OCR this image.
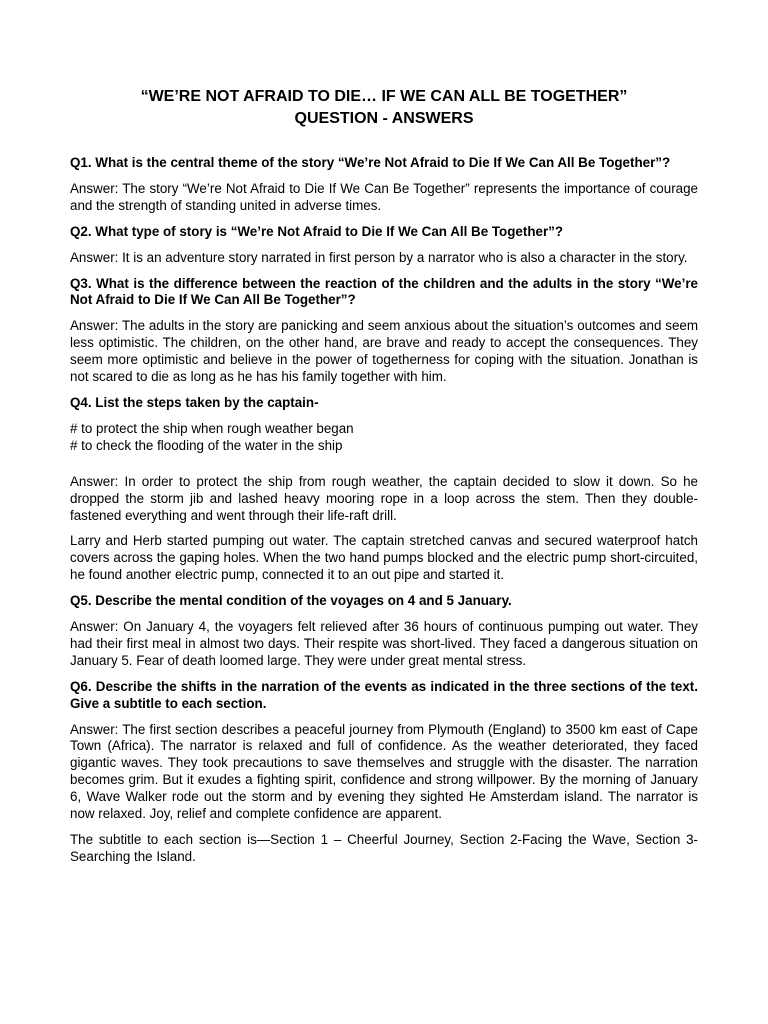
“WE’RE NOT AFRAID TO DIE… IF WE CAN ALL BE TOGETHER”
QUESTION - ANSWERS
Q1. What is the central theme of the story “We’re Not Afraid to Die If We Can All Be Together”?
Answer: The story “We’re Not Afraid to Die If We Can Be Together” represents the importance of courage and the strength of standing united in adverse times.
Q2. What type of story is “We’re Not Afraid to Die If We Can All Be Together”?
Answer: It is an adventure story narrated in first person by a narrator who is also a character in the story.
Q3. What is the difference between the reaction of the children and the adults in the story “We’re Not Afraid to Die If We Can All Be Together”?
Answer: The adults in the story are panicking and seem anxious about the situation’s outcomes and seem less optimistic. The children, on the other hand, are brave and ready to accept the consequences. They seem more optimistic and believe in the power of togetherness for coping with the situation. Jonathan is not scared to die as long as he has his family together with him.
Q4. List the steps taken by the captain-
# to protect the ship when rough weather began
# to check the flooding of the water in the ship
Answer: In order to protect the ship from rough weather, the captain decided to slow it down. So he dropped the storm jib and lashed heavy mooring rope in a loop across the stem. Then they double-fastened everything and went through their life-raft drill.
Larry and Herb started pumping out water. The captain stretched canvas and secured waterproof hatch covers across the gaping holes. When the two hand pumps blocked and the electric pump short-circuited, he found another electric pump, connected it to an out pipe and started it.
Q5. Describe the mental condition of the voyages on 4 and 5 January.
Answer: On January 4, the voyagers felt relieved after 36 hours of continuous pumping out water. They had their first meal in almost two days. Their respite was short-lived. They faced a dangerous situation on January 5. Fear of death loomed large. They were under great mental stress.
Q6. Describe the shifts in the narration of the events as indicated in the three sections of the text. Give a subtitle to each section.
Answer: The first section describes a peaceful journey from Plymouth (England) to 3500 km east of Cape Town (Africa). The narrator is relaxed and full of confidence. As the weather deteriorated, they faced gigantic waves. They took precautions to save themselves and struggle with the disaster. The narration becomes grim. But it exudes a fighting spirit, confidence and strong willpower. By the morning of January 6, Wave Walker rode out the storm and by evening they sighted He Amsterdam island. The narrator is now relaxed. Joy, relief and complete confidence are apparent.
The subtitle to each section is—Section 1 – Cheerful Journey, Section 2-Facing the Wave, Section 3-Searching the Island.
